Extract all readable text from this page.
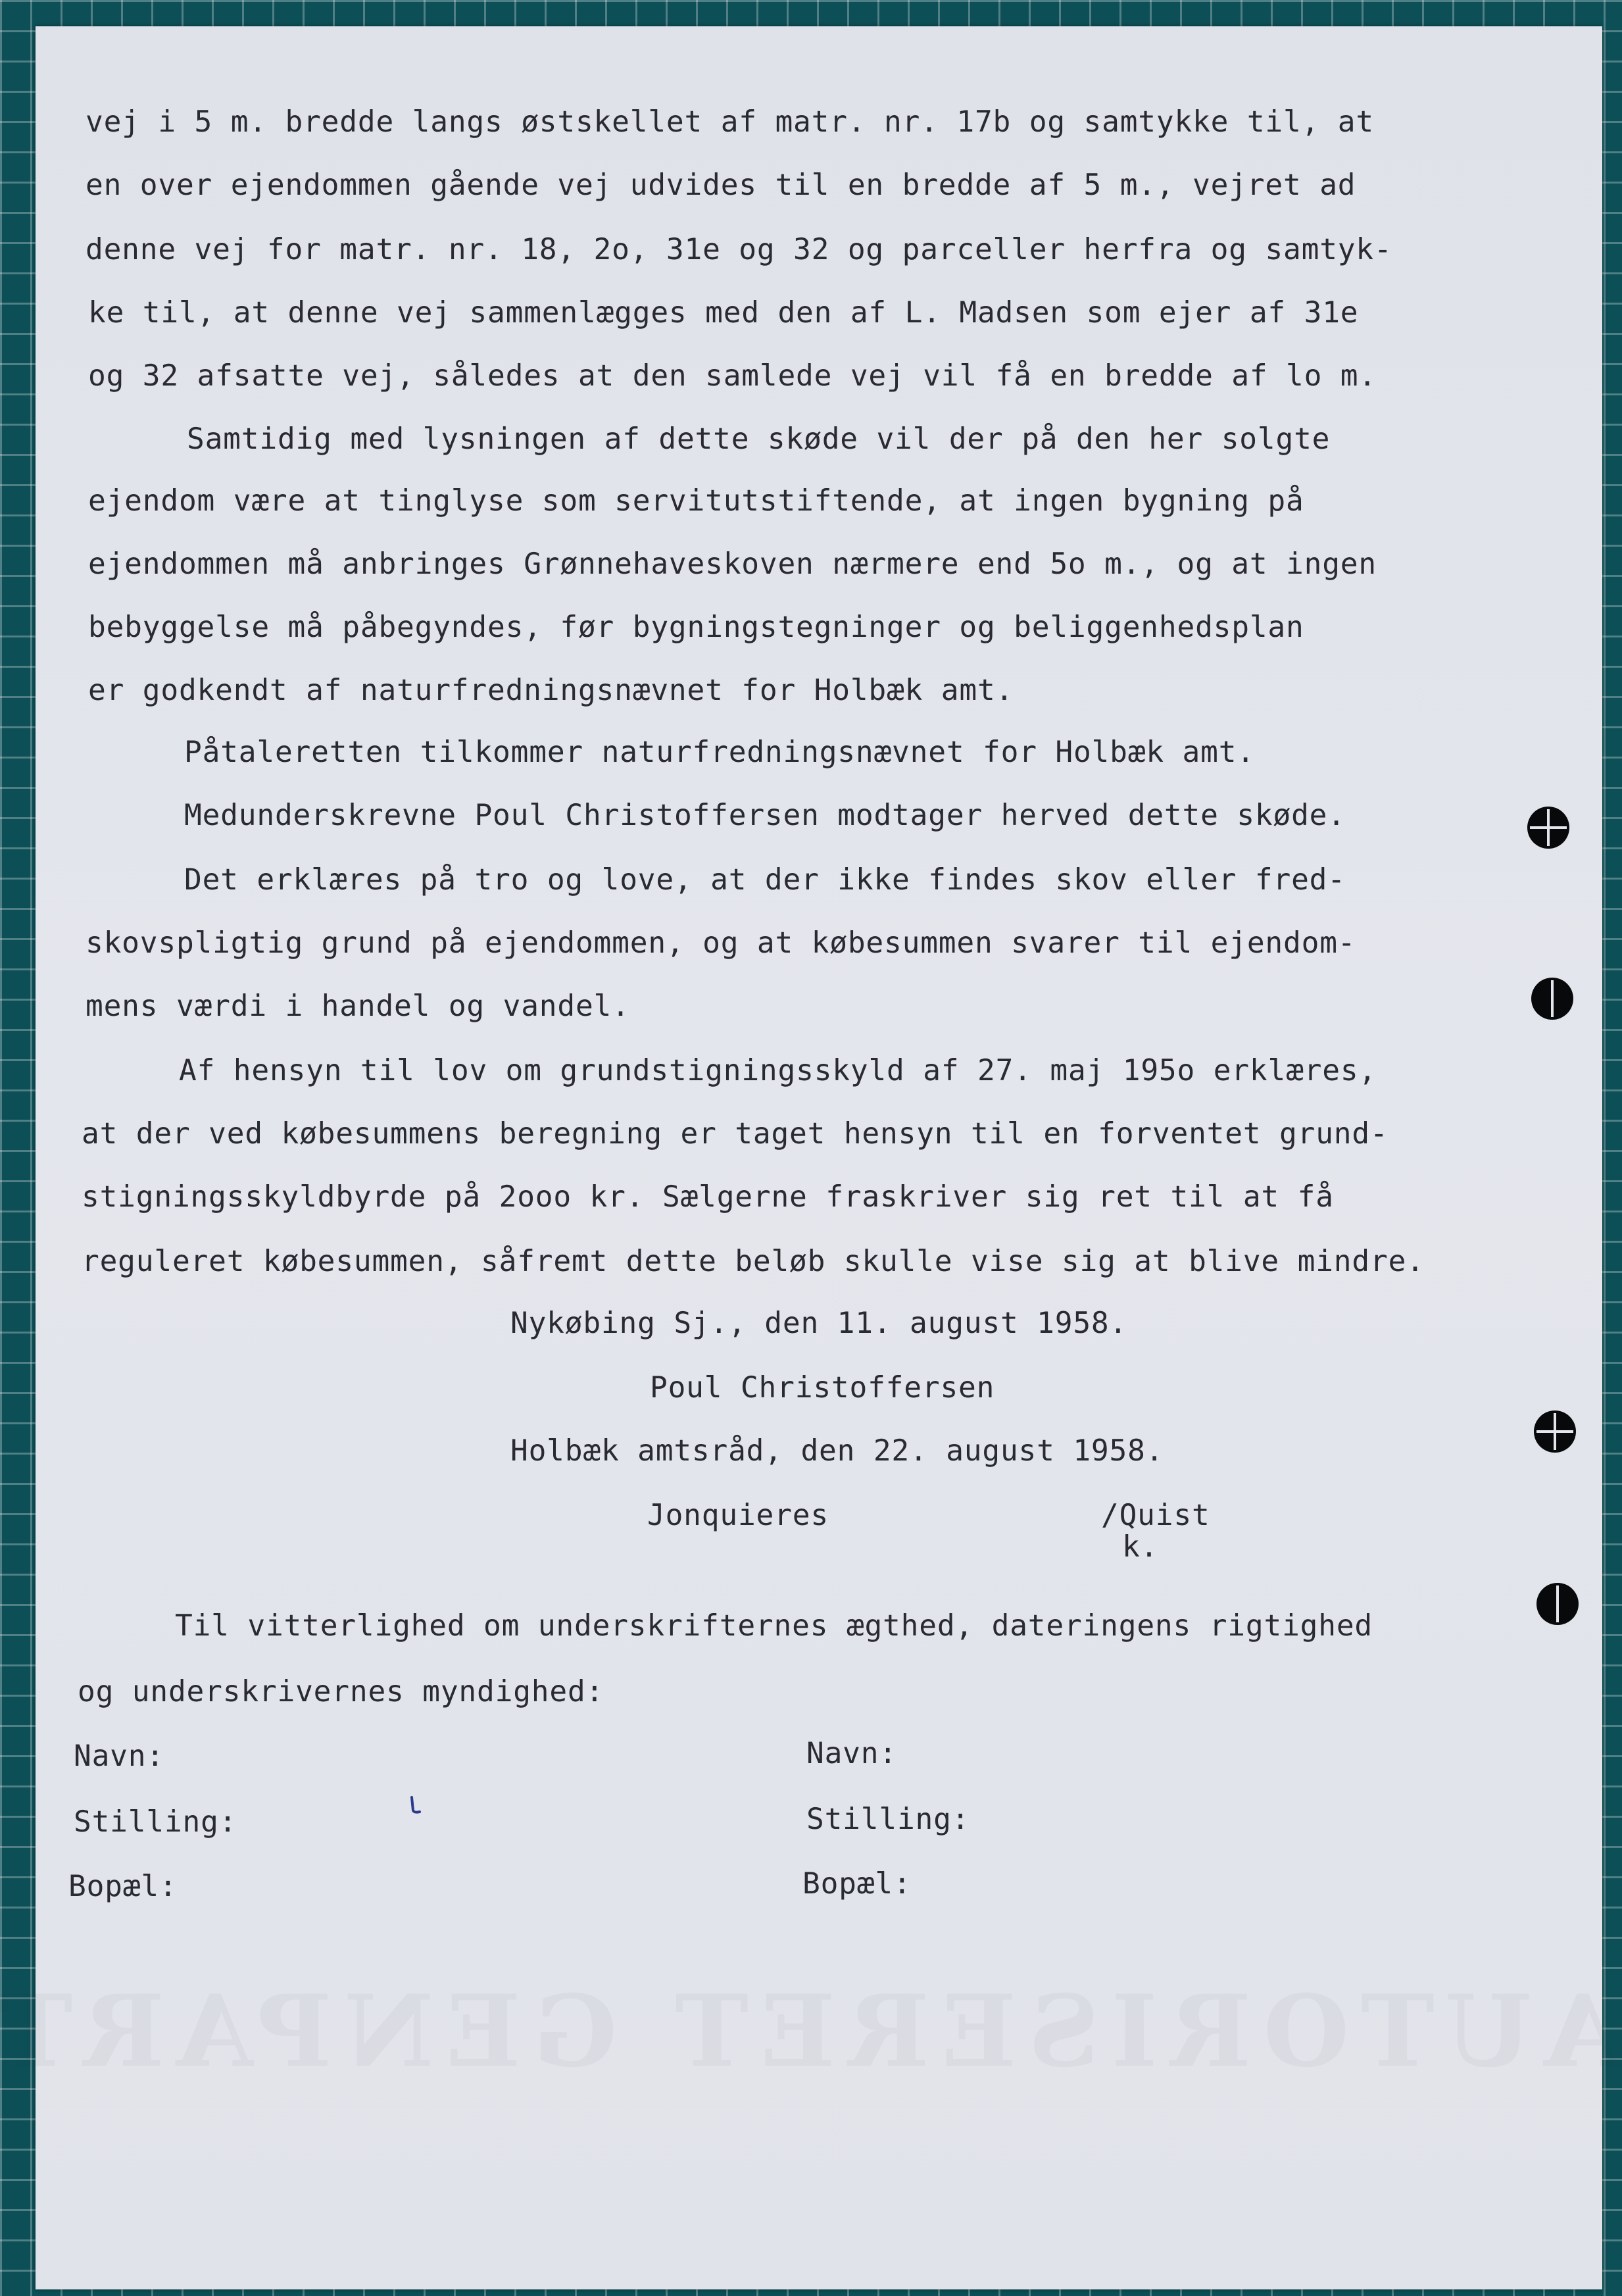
vej i 5 m. bredde langs østskellet af matr. nr. 17b og samtykke til, at

en over ejendommen gående vej udvides til en bredde af 5 m., vejret ad

denne vej for matr. nr. 18, 2o, 31e og 32 og parceller herfra og samtyk-

ke til, at denne vej sammenlægges med den af L. Madsen som ejer af 31e

og 32 afsatte vej, således at den samlede vej vil få en bredde af lo m.

Samtidig med lysningen af dette skøde vil der på den her solgte

ejendom være at tinglyse som servitutstiftende, at ingen bygning på

ejendommen må anbringes Grønnehaveskoven nærmere end 5o m., og at ingen

bebyggelse må påbegyndes, før bygningstegninger og beliggenhedsplan

er godkendt af naturfredningsnævnet for Holbæk amt.

Påtaleretten tilkommer naturfredningsnævnet for Holbæk amt.

Medunderskrevne Poul Christoffersen modtager herved dette skøde.

Det erklæres på tro og love, at der ikke findes skov eller fred-

skovspligtig grund på ejendommen, og at købesummen svarer til ejendom-

mens værdi i handel og vandel.

Af hensyn til lov om grundstigningsskyld af 27. maj 195o erklæres,

at der ved købesummens beregning er taget hensyn til en forventet grund-

stigningsskyldbyrde på 2ooo kr. Sælgerne fraskriver sig ret til at få

reguleret købesummen, såfremt dette beløb skulle vise sig at blive mindre.

Nykøbing Sj., den 11. august 1958.

Poul Christoffersen

Holbæk amtsråd, den 22. august 1958.

Jonquieres	/Quist

k.

Til vitterlighed om underskrifternes ægthed, dateringens rigtighed

og underskrivernes myndighed:

Navn:

Stilling:

Bopæl:

Navn:

Stilling:

Bopæl:
